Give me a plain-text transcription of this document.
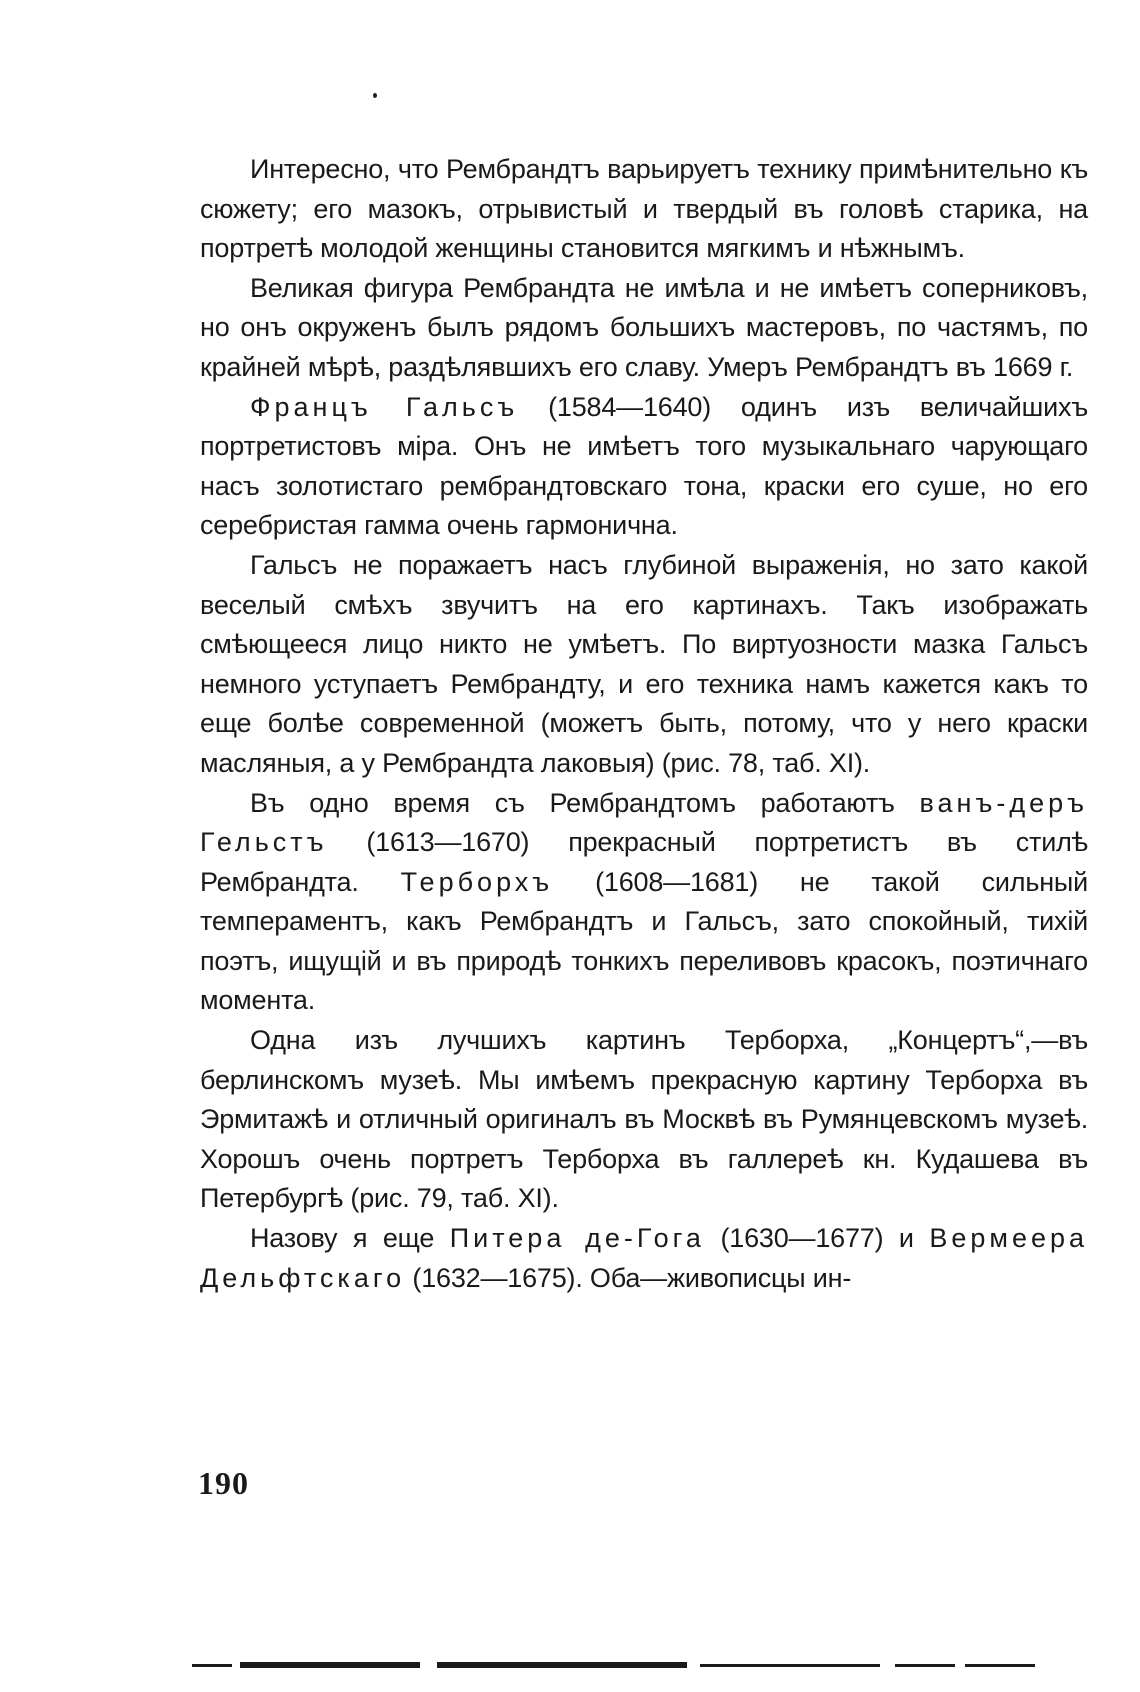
Интересно, что Рембрандтъ варьируетъ технику примѣнительно къ сюжету; его мазокъ, отрывистый и твердый въ головѣ старика, на портретѣ молодой женщины становится мягкимъ и нѣжнымъ.

Великая фигура Рембрандта не имѣла и не имѣетъ соперниковъ, но онъ окруженъ былъ рядомъ большихъ мастеровъ, по частямъ, по крайней мѣрѣ, раздѣлявшихъ его славу. Умеръ Рембрандтъ въ 1669 г.

Францъ Гальсъ (1584—1640) одинъ изъ величайшихъ портретистовъ міра. Онъ не имѣетъ того музыкальнаго чарующаго насъ золотистаго рембрандтовскаго тона, краски его суше, но его серебристая гамма очень гармонична.

Гальсъ не поражаетъ насъ глубиной выраженія, но зато какой веселый смѣхъ звучитъ на его картинахъ. Такъ изображать смѣющееся лицо никто не умѣетъ. По виртуозности мазка Гальсъ немного уступаетъ Рембрандту, и его техника намъ кажется какъ то еще болѣе современной (можетъ быть, потому, что у него краски масляныя, а у Рембрандта лаковыя) (рис. 78, таб. XI).

Въ одно время съ Рембрандтомъ работаютъ ванъ-деръ Гельстъ (1613—1670) прекрасный портретистъ въ стилѣ Рембрандта. Терборхъ (1608—1681) не такой сильный темпераментъ, какъ Рембрандтъ и Гальсъ, зато спокойный, тихій поэтъ, ищущій и въ природѣ тонкихъ переливовъ красокъ, поэтичнаго момента.

Одна изъ лучшихъ картинъ Терборха, „Концертъ“,—въ берлинскомъ музеѣ. Мы имѣемъ прекрасную картину Терборха въ Эрмитажѣ и отличный оригиналъ въ Москвѣ въ Румянцевскомъ музеѣ. Хорошъ очень портретъ Терборха въ галлереѣ кн. Кудашева въ Петербургѣ (рис. 79, таб. XI).

Назову я еще Питера де-Гога (1630—1677) и Вермеера Дельфтскаго (1632—1675). Оба—живописцы ин-

190
